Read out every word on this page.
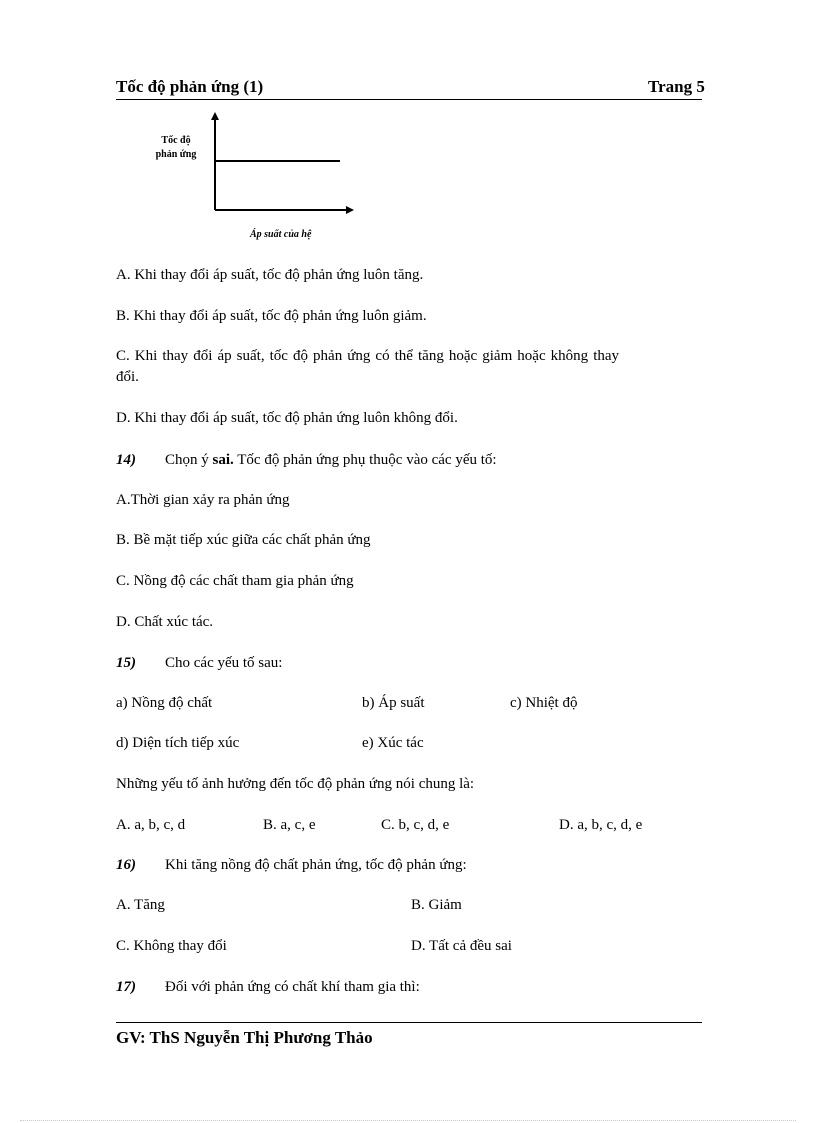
Tốc độ phản ứng (1)	Trang 5
Tốc độ
phản ứng
Áp suất của hệ
A. Khi thay đổi áp suất, tốc độ phản ứng luôn tăng.
B. Khi thay đổi áp suất, tốc độ phản ứng luôn giảm.
C. Khi thay đổi áp suất, tốc độ phản ứng có thể tăng hoặc giảm hoặc không thay
đổi.
D. Khi thay đổi áp suất, tốc độ phản ứng luôn không đổi.
14) Chọn ý sai. Tốc độ phản ứng phụ thuộc vào các yếu tố:
A.Thời gian xảy ra phản ứng
B. Bề mặt tiếp xúc giữa các chất phản ứng
C. Nồng độ các chất tham gia phản ứng
D. Chất xúc tác.
15) Cho các yếu tố sau:
a) Nồng độ chất	b) Áp suất	c) Nhiệt độ
d) Diện tích tiếp xúc	e) Xúc tác
Những yếu tố ảnh hưởng đến tốc độ phản ứng nói chung là:
A. a, b, c, d	B. a, c, e	C. b, c, d, e	D. a, b, c, d, e
16) Khi tăng nồng độ chất phản ứng, tốc độ phản ứng:
A. Tăng	B. Giảm
C. Không thay đổi	D. Tất cả đều sai
17) Đối với phản ứng có chất khí tham gia thì:
GV: ThS Nguyễn Thị Phương Thảo
